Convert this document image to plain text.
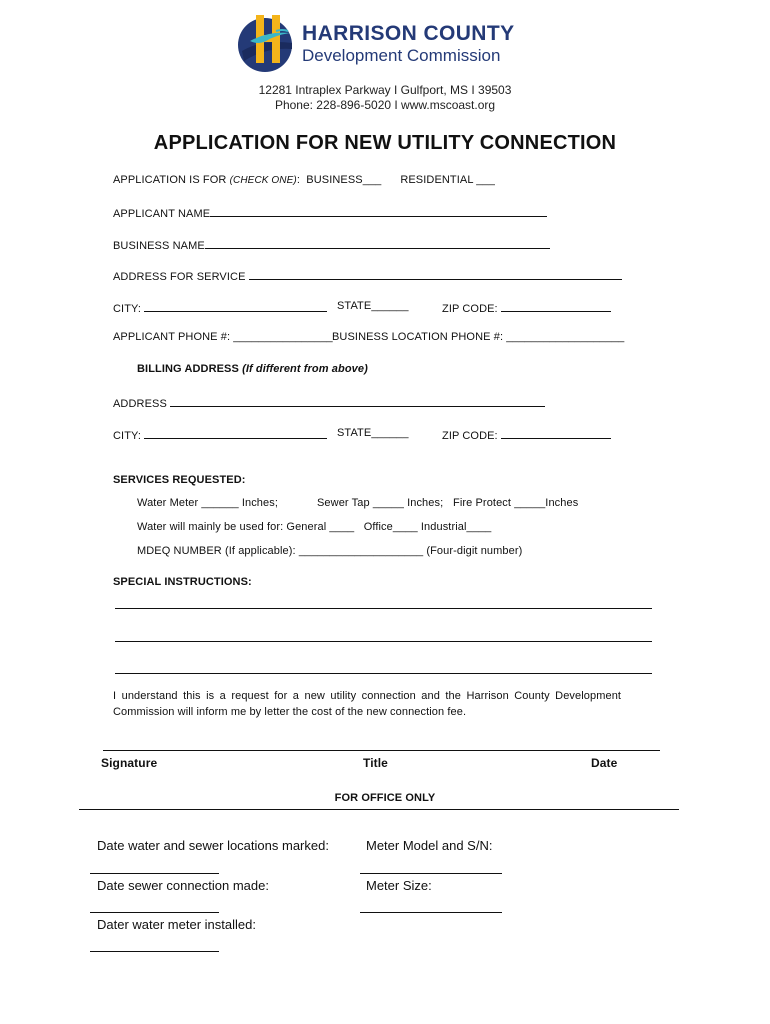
HARRISON COUNTY
Development Commission
12281 Intraplex Parkway I Gulfport, MS I 39503
Phone: 228-896-5020 I www.mscoast.org
APPLICATION FOR NEW UTILITY CONNECTION
APPLICATION IS FOR (CHECK ONE): BUSINESS___ RESIDENTIAL ___
APPLICANT NAME
BUSINESS NAME
ADDRESS FOR SERVICE
CITY:	STATE______	ZIP CODE:
APPLICANT PHONE #: ________________ BUSINESS LOCATION PHONE #: ___________________
BILLING ADDRESS (If different from above)
ADDRESS
CITY:	STATE______	ZIP CODE:
SERVICES REQUESTED:
Water Meter ______ Inches;	Sewer Tap _____ Inches; Fire Protect _____Inches
Water will mainly be used for: General ____   Office____ Industrial____
MDEQ NUMBER (If applicable): ____________________ (Four-digit number)
SPECIAL INSTRUCTIONS:
I understand this is a request for a new utility connection and the Harrison County Development
Commission will inform me by letter the cost of the new connection fee.
Signature	Title	Date
FOR OFFICE ONLY
Date water and sewer locations marked:	Meter Model and S/N:
Date sewer connection made:	Meter Size:
Dater water meter installed:
